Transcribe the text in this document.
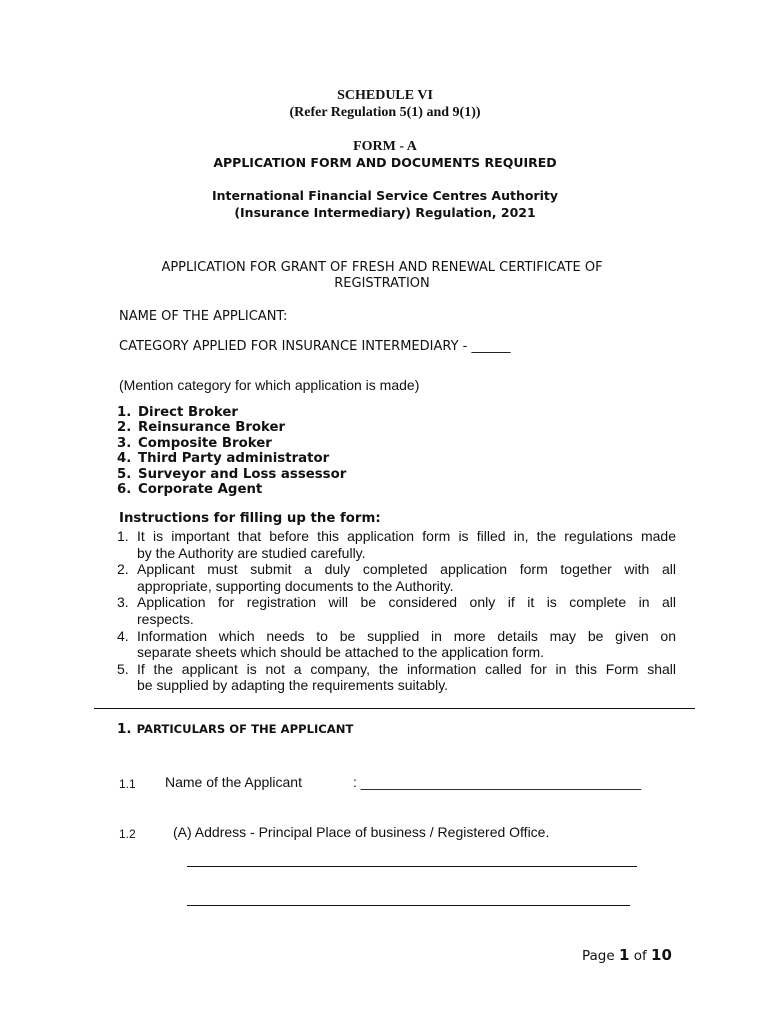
SCHEDULE VI
(Refer Regulation 5(1) and 9(1))
FORM - A
APPLICATION FORM AND DOCUMENTS REQUIRED
International Financial Service Centres Authority
(Insurance Intermediary) Regulation, 2021
APPLICATION FOR GRANT OF FRESH AND RENEWAL CERTIFICATE OF
REGISTRATION
NAME OF THE APPLICANT:
CATEGORY APPLIED FOR INSURANCE INTERMEDIARY - ______
(Mention category for which application is made)
1. Direct Broker
2. Reinsurance Broker
3. Composite Broker
4. Third Party administrator
5. Surveyor and Loss assessor
6. Corporate Agent
Instructions for filling up the form:
1. It is important that before this application form is filled in, the regulations made
by the Authority are studied carefully.
2. Applicant must submit a duly completed application form together with all
appropriate, supporting documents to the Authority.
3. Application for registration will be considered only if it is complete in all
respects.
4. Information which needs to be supplied in more details may be given on
separate sheets which should be attached to the application form.
5. If the applicant is not a company, the information called for in this Form shall
be supplied by adapting the requirements suitably.
1. PARTICULARS OF THE APPLICANT
1.1 Name of the Applicant	: ____________________________________
1.2	(A) Address - Principal Place of business / Registered Office.
Page 1 of 10
